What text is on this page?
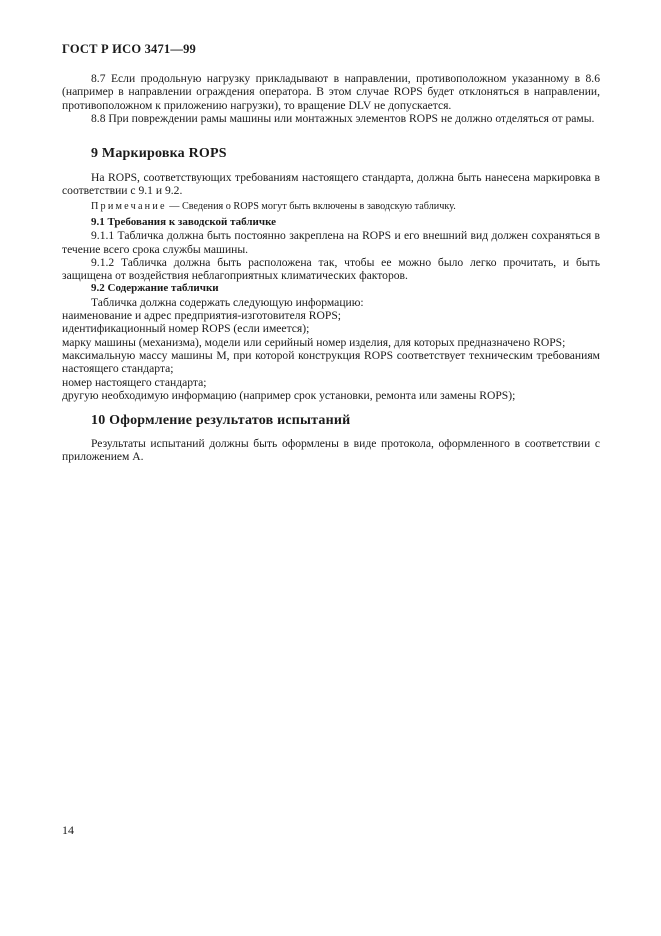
ГОСТ Р ИСО 3471—99

8.7 Если продольную нагрузку прикладывают в направлении, противоположном указанному в 8.6 (например в направлении ограждения оператора. В этом случае ROPS будет отклоняться в направлении, противоположном к приложению нагрузки), то вращение DLV не допускается.

8.8 При повреждении рамы машины или монтажных элементов ROPS не должно отделяться от рамы.

9 Маркировка ROPS

На ROPS, соответствующих требованиям настоящего стандарта, должна быть нанесена маркировка в соответствии с 9.1 и 9.2.

Примечание — Сведения о ROPS могут быть включены в заводскую табличку.

9.1 Требования к заводской табличке

9.1.1 Табличка должна быть постоянно закреплена на ROPS и его внешний вид должен сохраняться в течение всего срока службы машины.

9.1.2 Табличка должна быть расположена так, чтобы ее можно было легко прочитать, и быть защищена от воздействия неблагоприятных климатических факторов.

9.2 Содержание таблички

Табличка должна содержать следующую информацию:

наименование и адрес предприятия-изготовителя ROPS;

идентификационный номер ROPS (если имеется);

марку машины (механизма), модели или серийный номер изделия, для которых предназначено ROPS;

максимальную массу машины М, при которой конструкция ROPS соответствует техническим требованиям настоящего стандарта;

номер настоящего стандарта;

другую необходимую информацию (например срок установки, ремонта или замены ROPS);

10 Оформление результатов испытаний

Результаты испытаний должны быть оформлены в виде протокола, оформленного в соответствии с приложением А.

14
